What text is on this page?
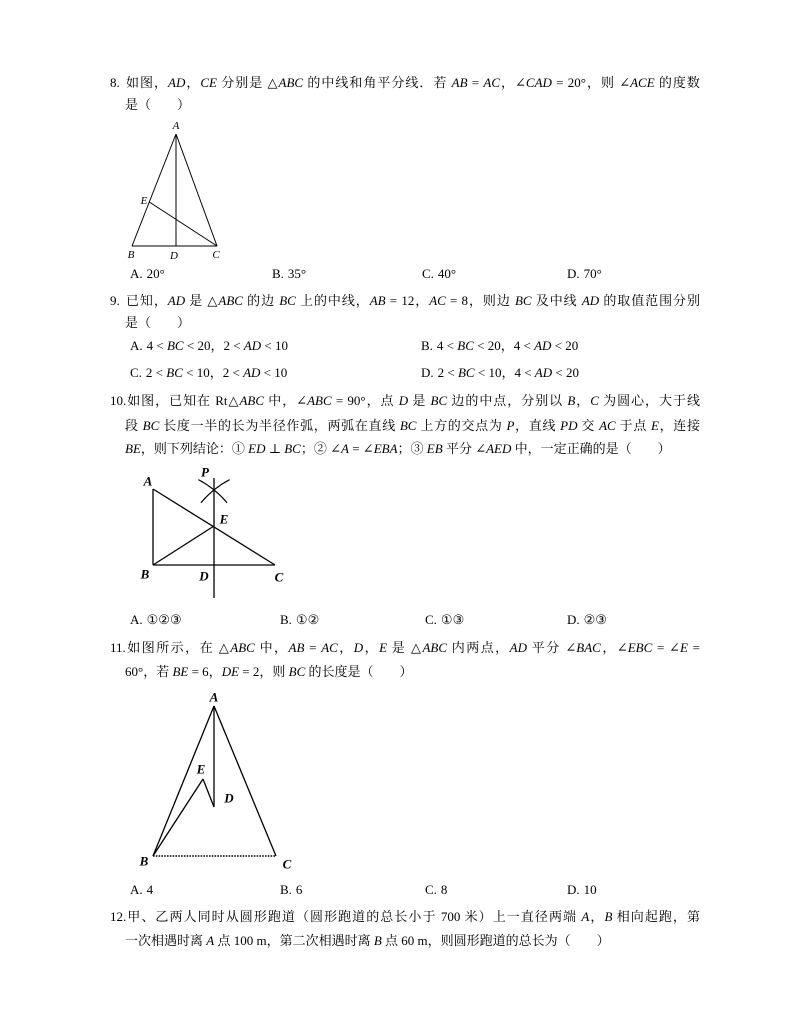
8. 如图，AD，CE 分别是 △ABC 的中线和角平分线．若 AB = AC，∠CAD = 20°，则 ∠ACE 的度数
是（　　）
A
E
B	D	C
A. 20°	B. 35°	C. 40°	D. 70°
9. 已知，AD 是 △ABC 的边 BC 上的中线，AB = 12，AC = 8，则边 BC 及中线 AD 的取值范围分别
是（　　）
A. 4 < BC < 20，2 < AD < 10	B. 4 < BC < 20，4 < AD < 20
C. 2 < BC < 10，2 < AD < 10	D. 2 < BC < 10，4 < AD < 20
10.如图，已知在 Rt△ABC 中，∠ABC = 90°，点 D 是 BC 边的中点，分别以 B，C 为圆心，大于线
段 BC 长度一半的长为半径作弧，两弧在直线 BC 上方的交点为 P，直线 PD 交 AC 于点 E，连接
BE，则下列结论：① ED ⊥ BC；② ∠A = ∠EBA；③ EB 平分 ∠AED 中，一定正确的是（　　）
A
P
E
B	D	C
A. ①②③	B. ①②	C. ①③	D. ②③
11.如图所示，在 △ABC 中，AB = AC，D，E 是 △ABC 内两点，AD 平分 ∠BAC，∠EBC = ∠E =
60°，若 BE = 6，DE = 2，则 BC 的长度是（　　）
A
E
D
B	C
A. 4	B. 6	C. 8	D. 10
12.甲、乙两人同时从圆形跑道（圆形跑道的总长小于 700 米）上一直径两端 A，B 相向起跑，第
一次相遇时离 A 点 100 m，第二次相遇时离 B 点 60 m，则圆形跑道的总长为（　　）
